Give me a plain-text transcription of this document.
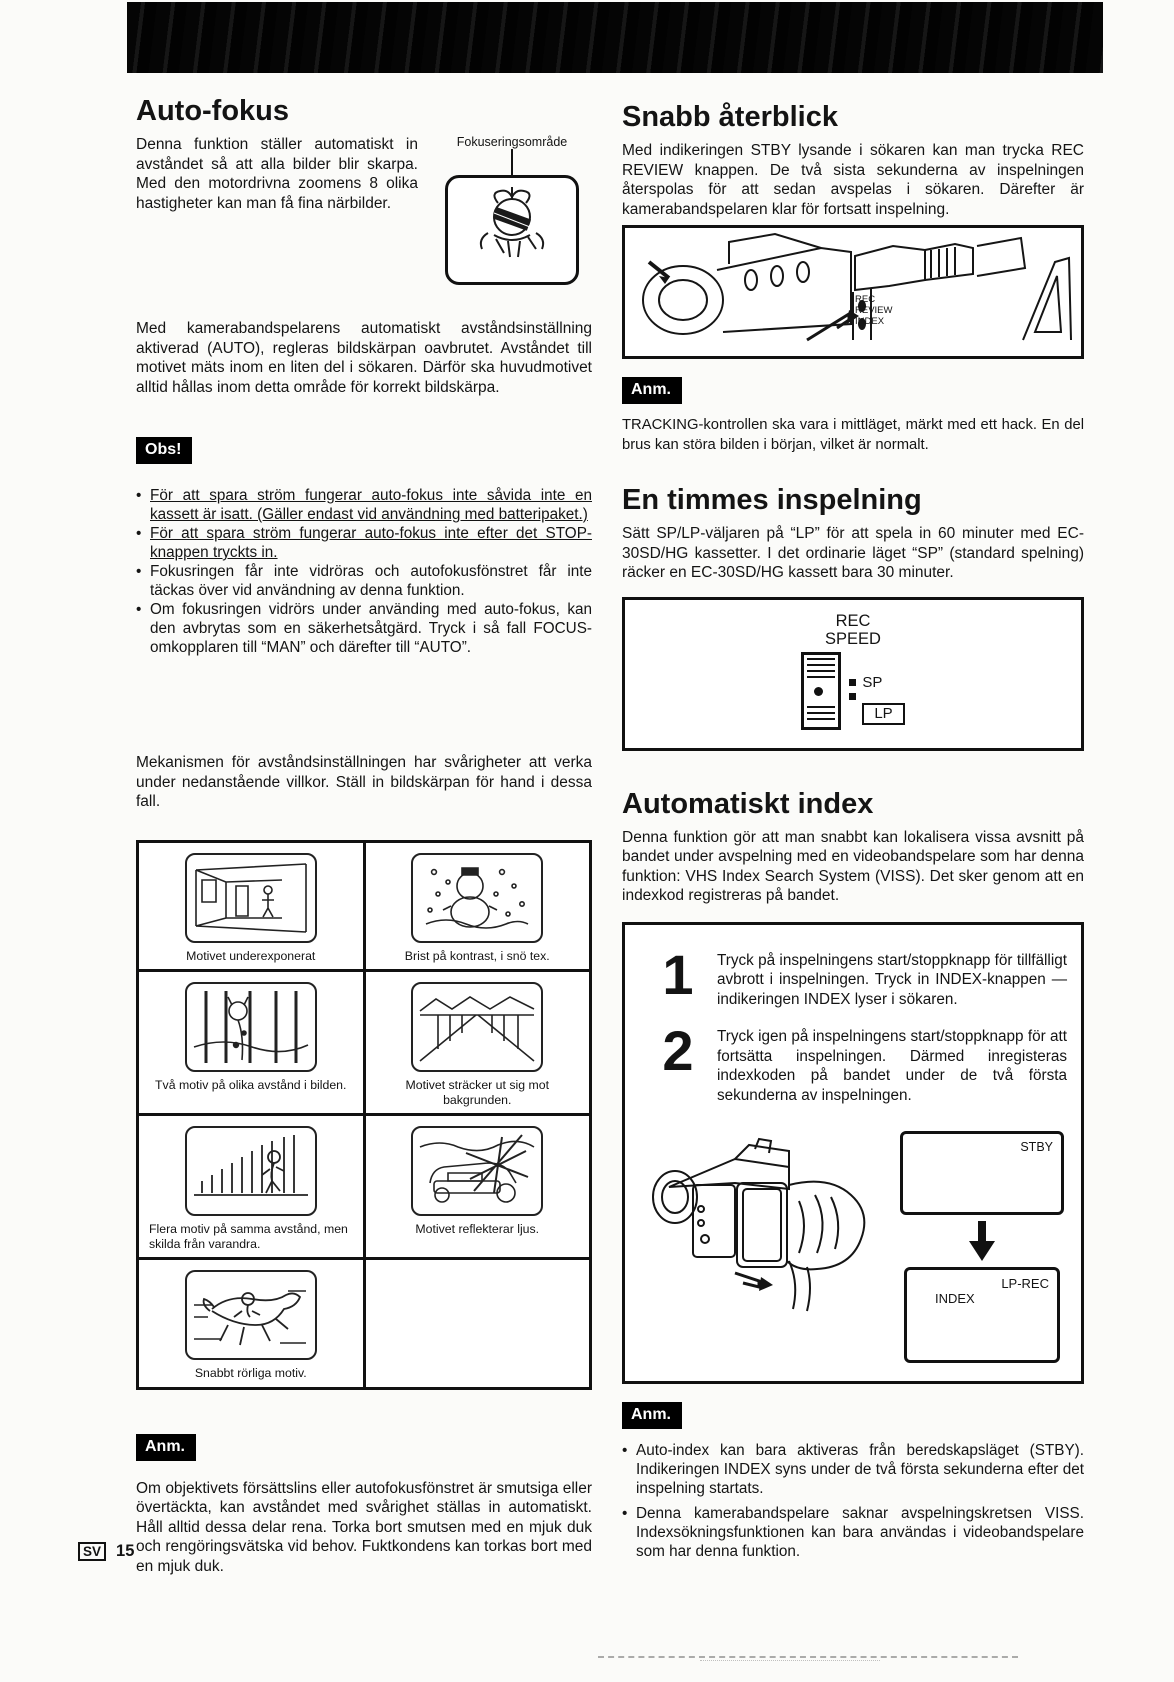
Auto-fokus

Denna funktion ställer automatiskt in avståndet så att alla bilder blir skarpa. Med den motordrivna zoomens 8 olika hastigheter kan man få fina närbilder.

Fokuseringsområde

Med kamerabandspelarens automatiskt avståndsinställning aktiverad (AUTO), regleras bildskärpan oavbrutet. Avståndet till motivet mäts inom en liten del i sökaren. Därför ska huvudmotivet alltid hållas inom detta område för korrekt bildskärpa.

Obs!
• För att spara ström fungerar auto-fokus inte såvida inte en kassett är isatt. (Gäller endast vid användning med batteripaket.)
• För att spara ström fungerar auto-fokus inte efter det STOP-knappen tryckts in.
• Fokusringen får inte vidröras och autofokusfönstret får inte täckas över vid användning av denna funktion.
• Om fokusringen vidrörs under använding med auto-fokus, kan den avbrytas som en säkerhetsåtgärd. Tryck i så fall FOCUS-omkopplaren till “MAN” och därefter till “AUTO”.

Mekanismen för avståndsinställningen har svårigheter att verka under nedanstående villkor. Ställ in bildskärpan för hand i dessa fall.

Motivet underexponerat	Brist på kontrast, i snö tex.

Två motiv på olika avstånd i bilden.	Motivet sträcker ut sig mot bakgrunden.

Flera motiv på samma avstånd, men skilda från varandra.	Motivet reflekterar ljus.

Snabbt rörliga motiv.	

Anm.

Om objektivets försättslins eller autofokusfönstret är smutsiga eller övertäckta, kan avståndet med svårighet ställas in automatiskt. Håll alltid dessa delar rena. Torka bort smutsen med en mjuk duk och rengöringsvätska vid behov. Fuktkondens kan torkas bort med en mjuk duk.

Snabb återblick

Med indikeringen STBY lysande i sökaren kan man trycka REC REVIEW knappen. De två sista sekunderna av inspelningen återspolas för att sedan avspelas i sökaren. Därefter är kamerabandspelaren klar för fortsatt inspelning.

REC
REVIEW
INDEX
Anm.

TRACKING-kontrollen ska vara i mittläget, märkt med ett hack. En del brus kan störa bilden i början, vilket är normalt.

En timmes inspelning

Sätt SP/LP-väljaren på “LP” för att spela in 60 minuter med EC-30SD/HG kassetter. I det ordinarie läget “SP” (standard spelning) räcker en EC-30SD/HG kassett bara 30 minuter.

REC
SPEED
SP
LP
Automatiskt index

Denna funktion gör att man snabbt kan lokalisera vissa avsnitt på bandet under avspelning med en videobandspelare som har denna funktion: VHS Index Search System (VISS). Det sker genom att en indexkod registreras på bandet.

1	Tryck på inspelningens start/stoppknapp för tillfälligt avbrott i inspelningen. Tryck in INDEX-knappen — indikeringen INDEX lyser i sökaren.
2	Tryck igen på inspelningens start/stoppknapp för att fortsätta inspelningen. Därmed inregisteras indexkoden på bandet under de två första sekunderna av inspelningen.
STBY
LP-REC
INDEX
Anm.
• Auto-index kan bara aktiveras från beredskapsläget (STBY). Indikeringen INDEX syns under de två första sekunderna efter det inspelning startats.
• Denna kamerabandspelare saknar avspelningskretsen VISS. Indexsökningsfunktionen kan bara användas i videobandspelare som har denna funktion.
SV 15
